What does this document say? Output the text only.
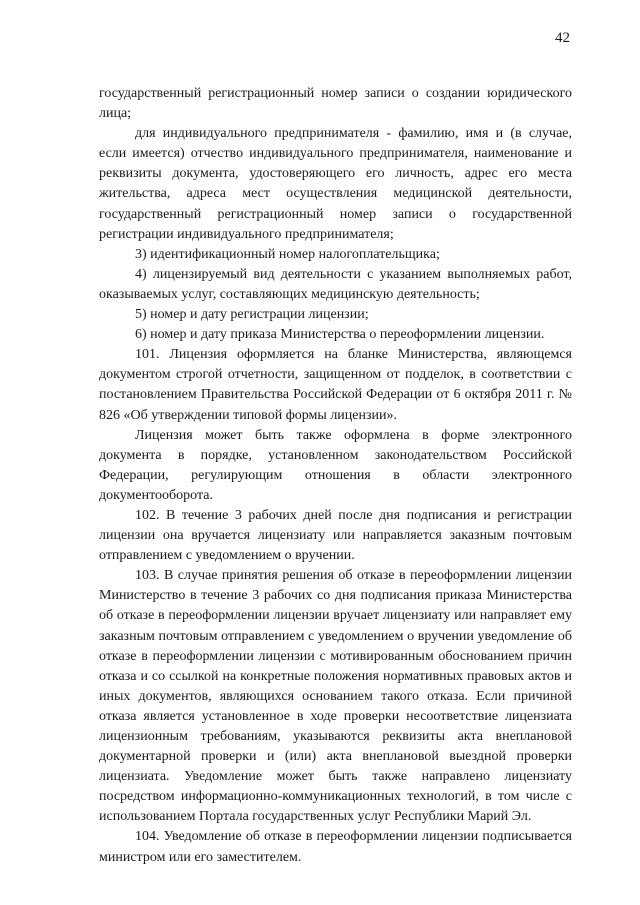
42

государственный регистрационный номер записи о создании юридического лица;

для индивидуального предпринимателя - фамилию, имя и (в случае, если имеется) отчество индивидуального предпринимателя, наименование и реквизиты документа, удостоверяющего его личность, адрес его места жительства, адреса мест осуществления медицинской деятельности, государственный регистрационный номер записи о государственной регистрации индивидуального предпринимателя;

3) идентификационный номер налогоплательщика;

4) лицензируемый вид деятельности с указанием выполняемых работ, оказываемых услуг, составляющих медицинскую деятельность;

5) номер и дату регистрации лицензии;

6) номер и дату приказа Министерства о переоформлении лицензии.

101. Лицензия оформляется на бланке Министерства, являющемся документом строгой отчетности, защищенном от подделок, в соответствии с постановлением Правительства Российской Федерации от 6 октября 2011 г. № 826 «Об утверждении типовой формы лицензии».

Лицензия может быть также оформлена в форме электронного документа в порядке, установленном законодательством Российской Федерации, регулирующим отношения в области электронного документооборота.

102. В течение 3 рабочих дней после дня подписания и регистрации лицензии она вручается лицензиату или направляется заказным почтовым отправлением с уведомлением о вручении.

103. В случае принятия решения об отказе в переоформлении лицензии Министерство в течение 3 рабочих со дня подписания приказа Министерства об отказе в переоформлении лицензии вручает лицензиату или направляет ему заказным почтовым отправлением с уведомлением о вручении уведомление об отказе в переоформлении лицензии с мотивированным обоснованием причин отказа и со ссылкой на конкретные положения нормативных правовых актов и иных документов, являющихся основанием такого отказа. Если причиной отказа является установленное в ходе проверки несоответствие лицензиата лицензионным требованиям, указываются реквизиты акта внеплановой документарной проверки и (или) акта внеплановой выездной проверки лицензиата. Уведомление может быть также направлено лицензиату посредством информационно-коммуникационных технологий, в том числе с использованием Портала государственных услуг Республики Марий Эл.

104. Уведомление об отказе в переоформлении лицензии подписывается министром или его заместителем.
